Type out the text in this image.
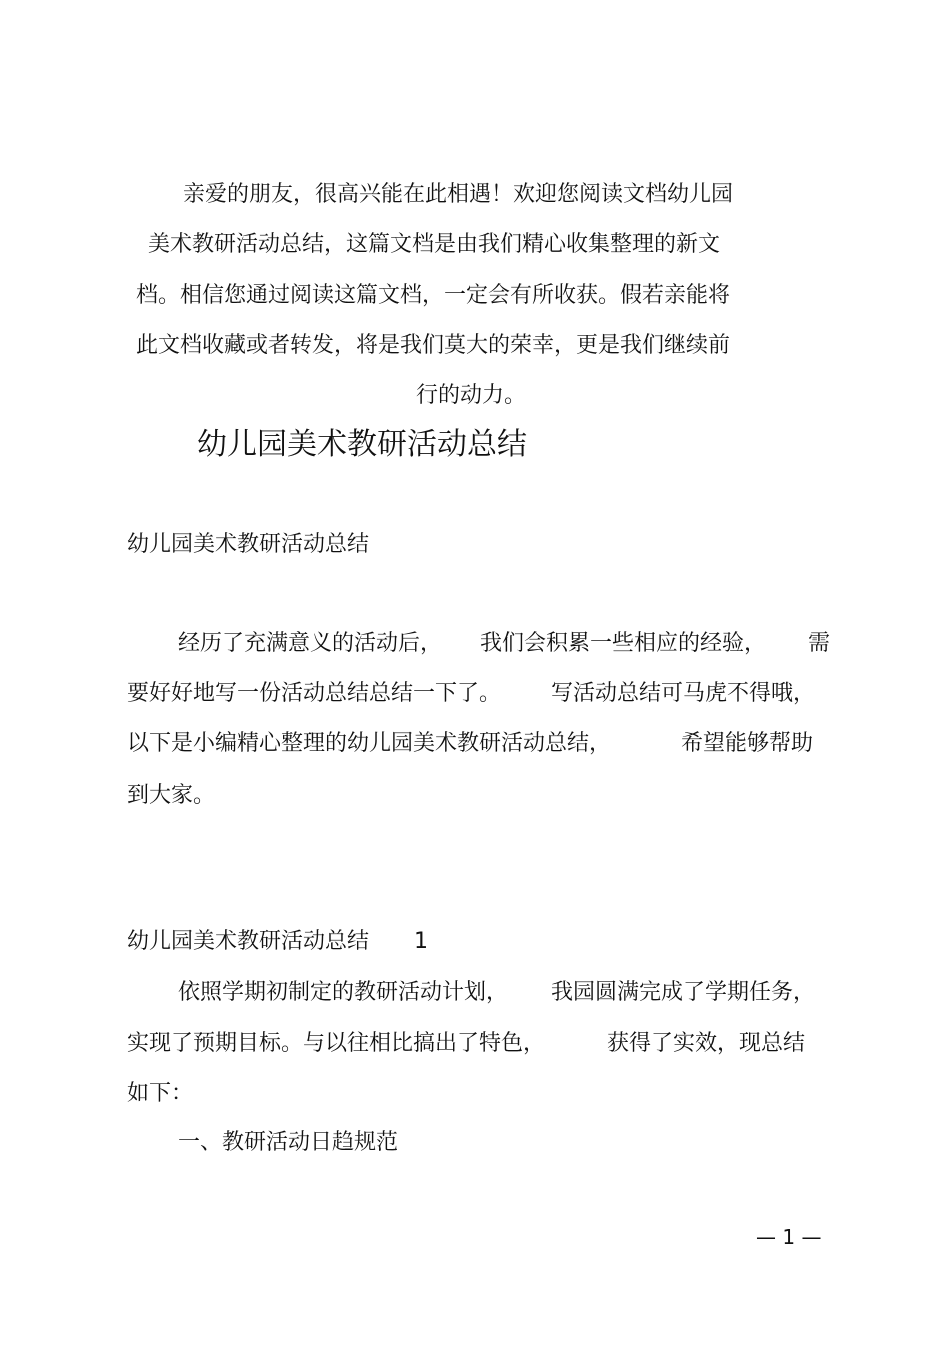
亲爱的朋友，很高兴能在此相遇！欢迎您阅读文档幼儿园
美术教研活动总结，这篇文档是由我们精心收集整理的新文
档。相信您通过阅读这篇文档，一定会有所收获。假若亲能将
此文档收藏或者转发，将是我们莫大的荣幸，更是我们继续前
行的动力。
幼儿园美术教研活动总结
幼儿园美术教研活动总结
经历了充满意义的活动后， 我们会积累一些相应的经验， 需
要好好地写一份活动总结总结一下了。 写活动总结可马虎不得哦，
以下是小编精心整理的幼儿园美术教研活动总结，	希望能够帮助
到大家。
幼儿园美术教研活动总结 1
依照学期初制定的教研活动计划， 我园圆满完成了学期任务，
实现了预期目标。与以往相比搞出了特色，	获得了实效，现总结
如下：
一、教研活动日趋规范
— 1 —
